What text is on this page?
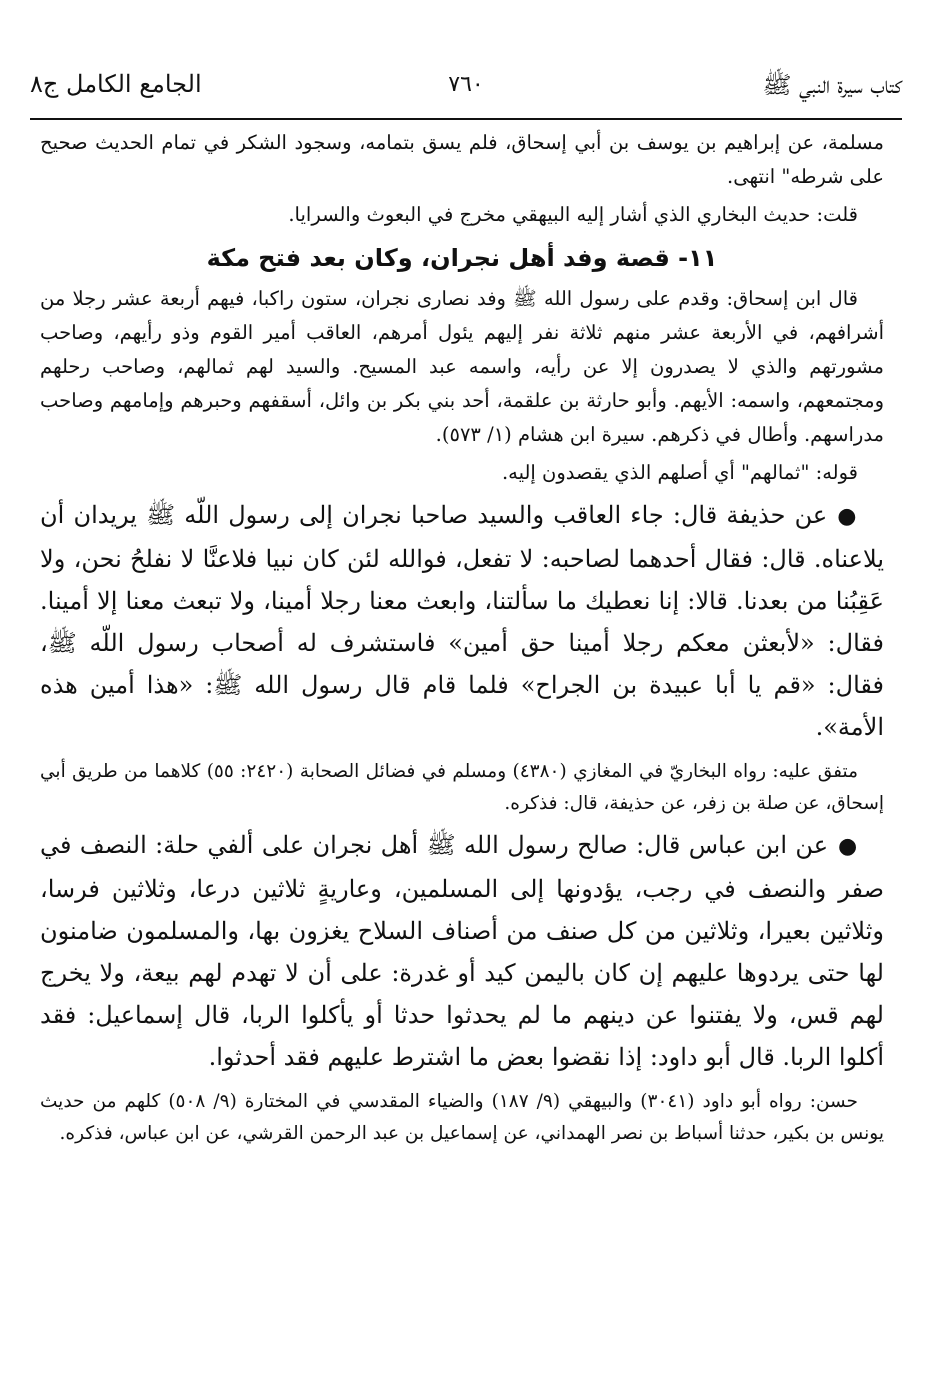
كتاب سيرة النبي ﷺ
٧٦٠
الجامع الكامل ج٨

مسلمة، عن إبراهيم بن يوسف بن أبي إسحاق، فلم يسق بتمامه، وسجود الشكر في تمام الحديث صحيح على شرطه" انتهى.

قلت: حديث البخاري الذي أشار إليه البيهقي مخرج في البعوث والسرايا.

١١- قصة وفد أهل نجران، وكان بعد فتح مكة

قال ابن إسحاق: وقدم على رسول الله ﷺ وفد نصارى نجران، ستون راكبا، فيهم أربعة عشر رجلا من أشرافهم، في الأربعة عشر منهم ثلاثة نفر إليهم يئول أمرهم، العاقب أمير القوم وذو رأيهم، وصاحب مشورتهم والذي لا يصدرون إلا عن رأيه، واسمه عبد المسيح. والسيد لهم ثمالهم، وصاحب رحلهم ومجتمعهم، واسمه: الأيهم. وأبو حارثة بن علقمة، أحد بني بكر بن وائل، أسقفهم وحبرهم وإمامهم وصاحب مدراسهم. وأطال في ذكرهم. سيرة ابن هشام (١/ ٥٧٣).

قوله: "ثمالهم" أي أصلهم الذي يقصدون إليه.

●عن حذيفة قال: جاء العاقب والسيد صاحبا نجران إلى رسول اللّه ﷺ يريدان أن يلاعناه. قال: فقال أحدهما لصاحبه: لا تفعل، فوالله لئن كان نبيا فلاعنَّا لا نفلحُ نحن، ولا عَقِبُنا من بعدنا. قالا: إنا نعطيك ما سألتنا، وابعث معنا رجلا أمينا، ولا تبعث معنا إلا أمينا. فقال: «لأبعثن معكم رجلا أمينا حق أمين» فاستشرف له أصحاب رسول اللّه ﷺ، فقال: «قم يا أبا عبيدة بن الجراح» فلما قام قال رسول الله ﷺ: «هذا أمين هذه الأمة».

متفق عليه: رواه البخاريّ في المغازي (٤٣٨٠) ومسلم في فضائل الصحابة (٢٤٢٠: ٥٥) كلاهما من طريق أبي إسحاق، عن صلة بن زفر، عن حذيفة، قال: فذكره.

●عن ابن عباس قال: صالح رسول الله ﷺ أهل نجران على ألفي حلة: النصف في صفر والنصف في رجب، يؤدونها إلى المسلمين، وعاريةٍ ثلاثين درعا، وثلاثين فرسا، وثلاثين بعيرا، وثلاثين من كل صنف من أصناف السلاح يغزون بها، والمسلمون ضامنون لها حتى يردوها عليهم إن كان باليمن كيد أو غدرة: على أن لا تهدم لهم بيعة، ولا يخرج لهم قس، ولا يفتنوا عن دينهم ما لم يحدثوا حدثا أو يأكلوا الربا، قال إسماعيل: فقد أكلوا الربا. قال أبو داود: إذا نقضوا بعض ما اشترط عليهم فقد أحدثوا.

حسن: رواه أبو داود (٣٠٤١) والبيهقي (٩/ ١٨٧) والضياء المقدسي في المختارة (٩/ ٥٠٨) كلهم من حديث يونس بن بكير، حدثنا أسباط بن نصر الهمداني، عن إسماعيل بن عبد الرحمن القرشي، عن ابن عباس، فذكره.
